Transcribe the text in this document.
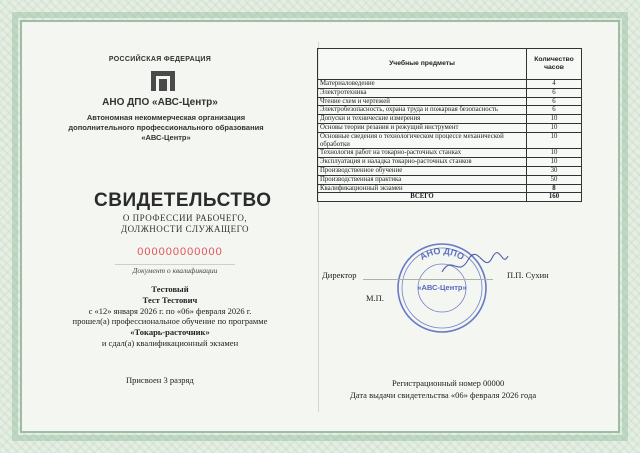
РОССИЙСКАЯ ФЕДЕРАЦИЯ
АНО ДПО «АВС-Центр»
Автономная некоммерческая организация
дополнительного профессионального образования
«АВС-Центр»
СВИДЕТЕЛЬСТВО
О ПРОФЕССИИ РАБОЧЕГО,
ДОЛЖНОСТИ СЛУЖАЩЕГО
000000000000
Документ о квалификации
Тестовый
Тест Тестович
с «12» января 2026 г. по «06» февраля 2026 г.
прошел(а) профессиональное обучение по программе
«Токарь-расточник»
и сдал(а) квалификационный экзамен
Присвоен 3 разряд
Учебные предметы	Количество часов
Материаловедение	4
Электротехника	6
Чтение схем и чертежей	6
Электробезопасность, охрана труда и пожарная безопасность	6
Допуски и технические измерения	10
Основы теории резания и режущий инструмент	10
Основные сведения о технологическом процессе механической обработки	10
Технология работ на токарно-расточных станках	10
Эксплуатация и наладка токарно-расточных станков	10
Производственное обучение	30
Производственная практика	50
Квалификационный экзамен	8
ВСЕГО	160
АНО ДПО
«АВС-Центр»
Директор	П.П. Сухин
М.П.
Регистрационный номер 00000
Дата выдачи свидетельства «06» февраля 2026 года
